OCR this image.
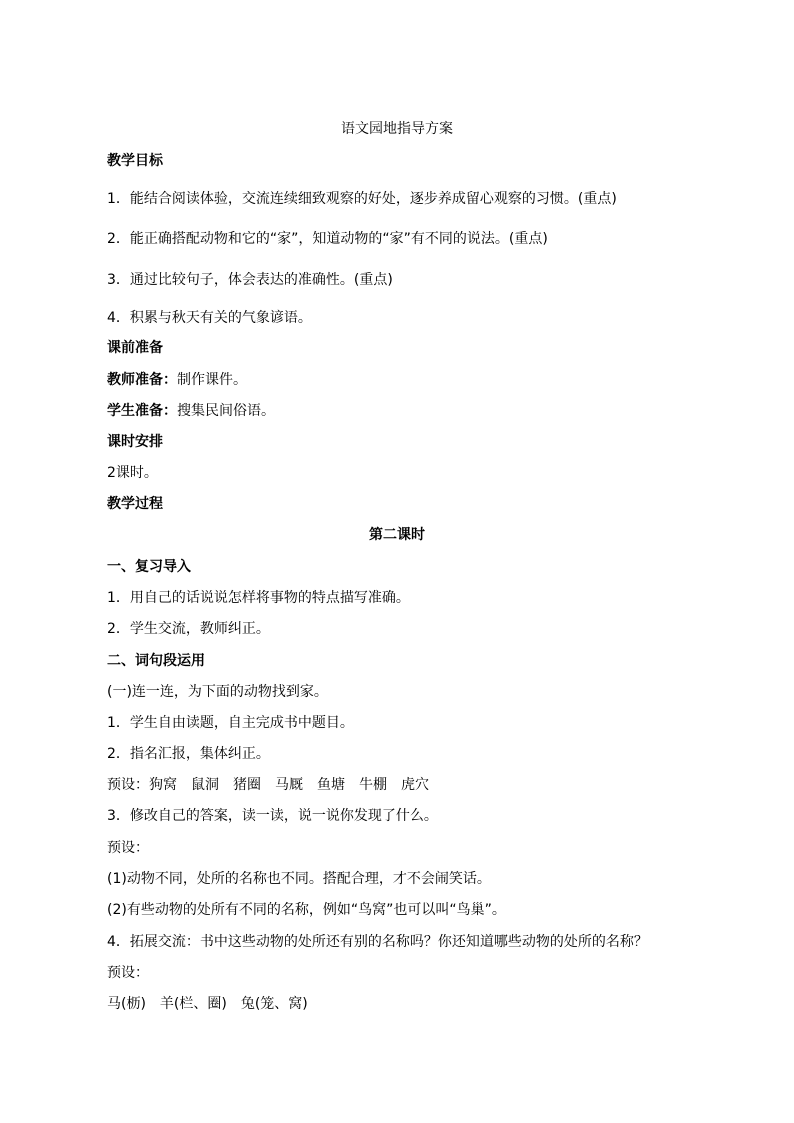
语文园地指导方案
教学目标
1．能结合阅读体验，交流连续细致观察的好处，逐步养成留心观察的习惯。(重点)
2．能正确搭配动物和它的“家”，知道动物的“家”有不同的说法。(重点)
3．通过比较句子，体会表达的准确性。(重点)
4．积累与秋天有关的气象谚语。
课前准备
教师准备：制作课件。
学生准备：搜集民间俗语。
课时安排
2课时。
教学过程
第二课时
一、复习导入
1．用自己的话说说怎样将事物的特点描写准确。
2．学生交流，教师纠正。
二、词句段运用
(一)连一连，为下面的动物找到家。
1．学生自由读题，自主完成书中题目。
2．指名汇报，集体纠正。
预设：狗窝　鼠洞　猪圈　马厩　鱼塘　牛棚　虎穴
3．修改自己的答案，读一读，说一说你发现了什么。
预设：
(1)动物不同，处所的名称也不同。搭配合理，才不会闹笑话。
(2)有些动物的处所有不同的名称，例如“鸟窝”也可以叫“鸟巢”。
4．拓展交流：书中这些动物的处所还有别的名称吗？你还知道哪些动物的处所的名称？
预设：
马(枥)　羊(栏、圈)　兔(笼、窝)
